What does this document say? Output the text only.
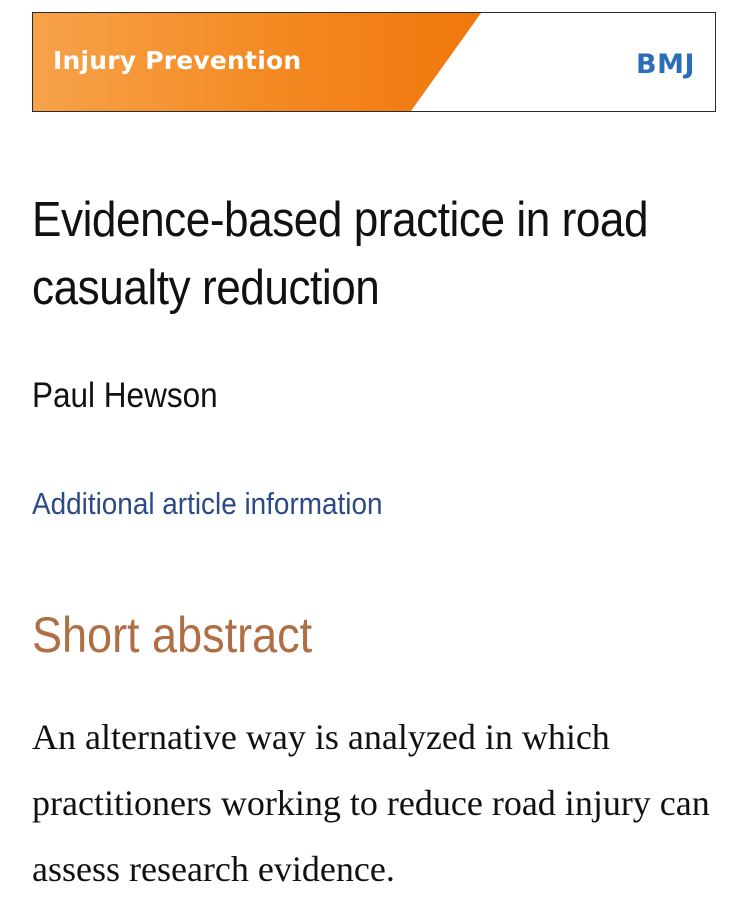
Injury Prevention	BMJ
Evidence-based practice in road casualty reduction
Paul Hewson
Additional article information
Short abstract

An alternative way is analyzed in which practitioners working to reduce road injury can assess research evidence.
